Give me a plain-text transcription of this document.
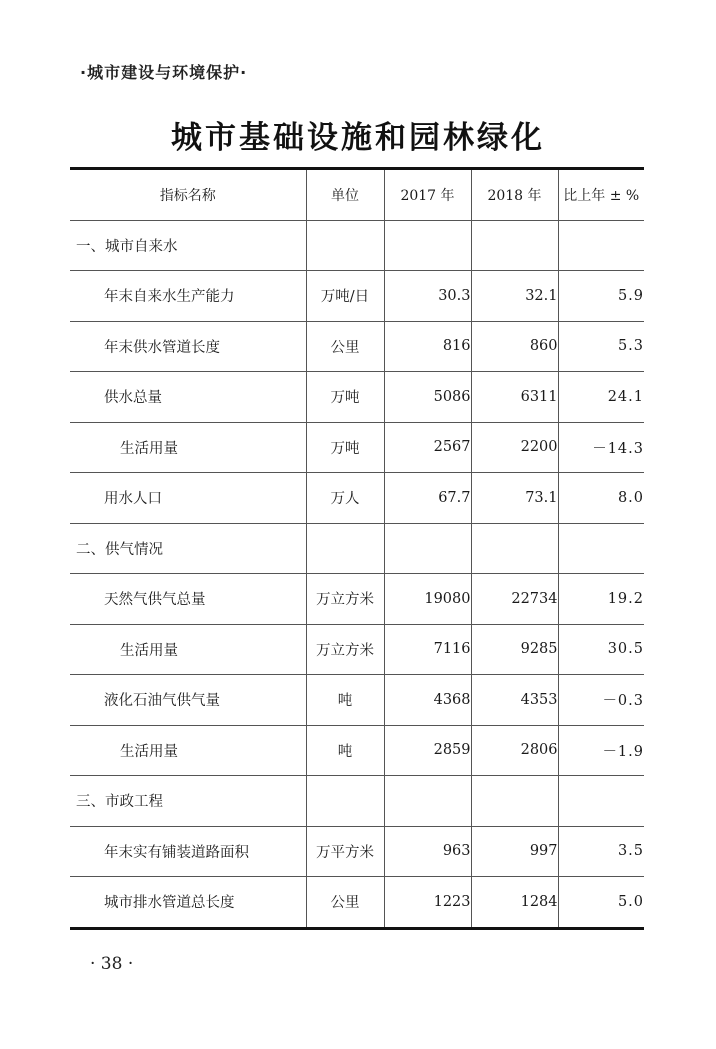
·城市建设与环境保护·
城市基础设施和园林绿化
指标名称	单位	2017 年	2018 年	比上年 ± %
一、城市自来水				
年末自来水生产能力	万吨/日	30.3	32.1	5.9
年末供水管道长度	公里	816	860	5.3
供水总量	万吨	5086	6311	24.1
生活用量	万吨	2567	2200	－14.3
用水人口	万人	67.7	73.1	8.0
二、供气情况				
天然气供气总量	万立方米	19080	22734	19.2
生活用量	万立方米	7116	9285	30.5
液化石油气供气量	吨	4368	4353	－0.3
生活用量	吨	2859	2806	－1.9
三、市政工程				
年末实有铺装道路面积	万平方米	963	997	3.5
城市排水管道总长度	公里	1223	1284	5.0
· 38 ·
